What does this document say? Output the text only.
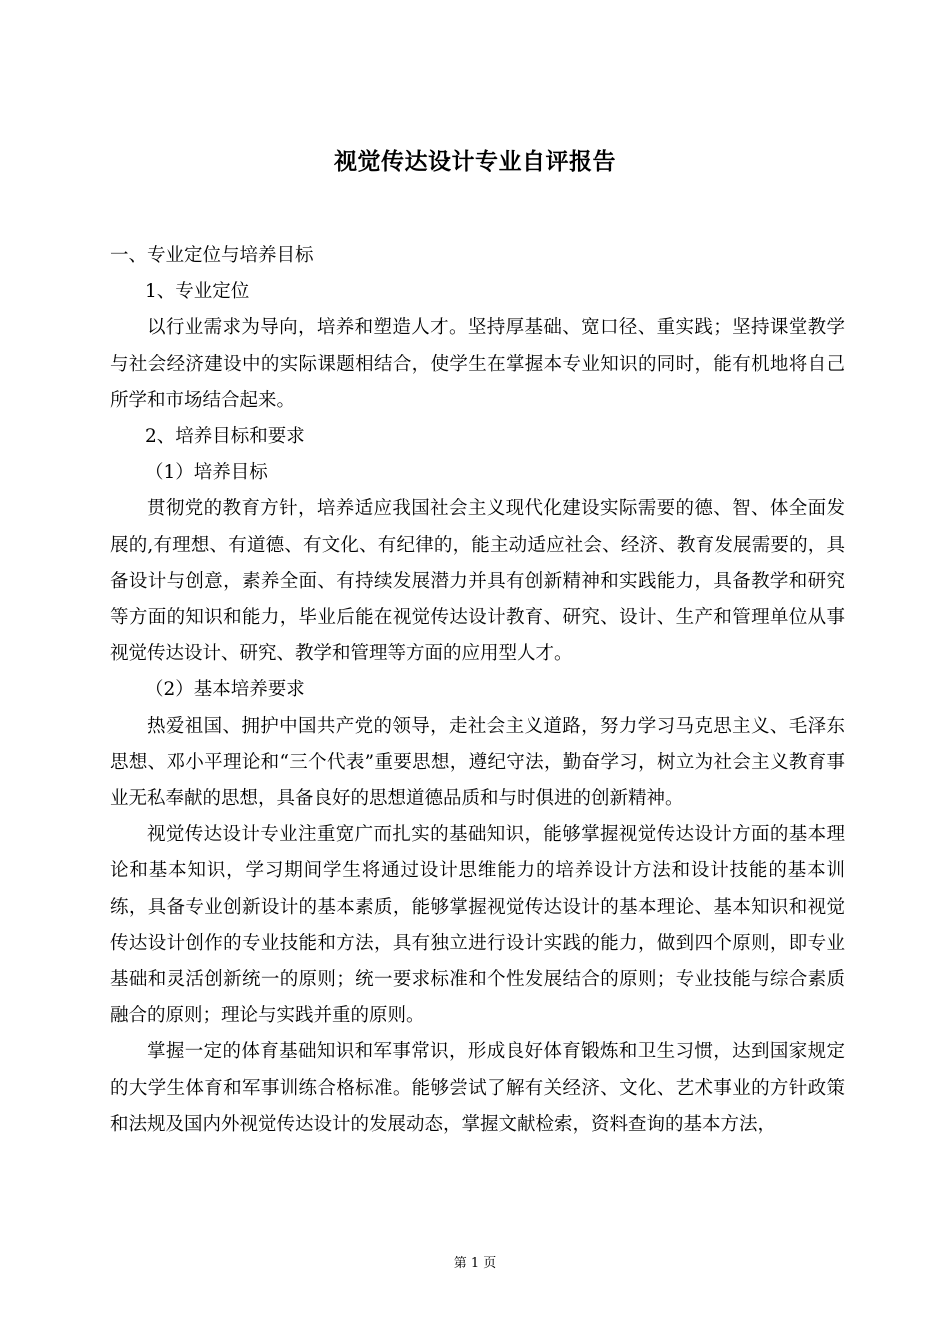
视觉传达设计专业自评报告

一、专业定位与培养目标

1、专业定位

以行业需求为导向，培养和塑造人才。坚持厚基础、宽口径、重实践；坚持课堂教学与社会经济建设中的实际课题相结合，使学生在掌握本专业知识的同时，能有机地将自己所学和市场结合起来。

2、培养目标和要求

（1）培养目标

贯彻党的教育方针，培养适应我国社会主义现代化建设实际需要的德、智、体全面发展的,有理想、有道德、有文化、有纪律的，能主动适应社会、经济、教育发展需要的，具备设计与创意，素养全面、有持续发展潜力并具有创新精神和实践能力，具备教学和研究等方面的知识和能力，毕业后能在视觉传达设计教育、研究、设计、生产和管理单位从事视觉传达设计、研究、教学和管理等方面的应用型人才。

（2）基本培养要求

热爱祖国、拥护中国共产党的领导，走社会主义道路，努力学习马克思主义、毛泽东思想、邓小平理论和“三个代表”重要思想，遵纪守法，勤奋学习，树立为社会主义教育事业无私奉献的思想，具备良好的思想道德品质和与时俱进的创新精神。

视觉传达设计专业注重宽广而扎实的基础知识，能够掌握视觉传达设计方面的基本理论和基本知识，学习期间学生将通过设计思维能力的培养设计方法和设计技能的基本训练，具备专业创新设计的基本素质，能够掌握视觉传达设计的基本理论、基本知识和视觉传达设计创作的专业技能和方法，具有独立进行设计实践的能力，做到四个原则，即专业基础和灵活创新统一的原则；统一要求标准和个性发展结合的原则；专业技能与综合素质融合的原则；理论与实践并重的原则。

掌握一定的体育基础知识和军事常识，形成良好体育锻炼和卫生习惯，达到国家规定的大学生体育和军事训练合格标准。能够尝试了解有关经济、文化、艺术事业的方针政策和法规及国内外视觉传达设计的发展动态，掌握文献检索，资料查询的基本方法，

第 1 页
